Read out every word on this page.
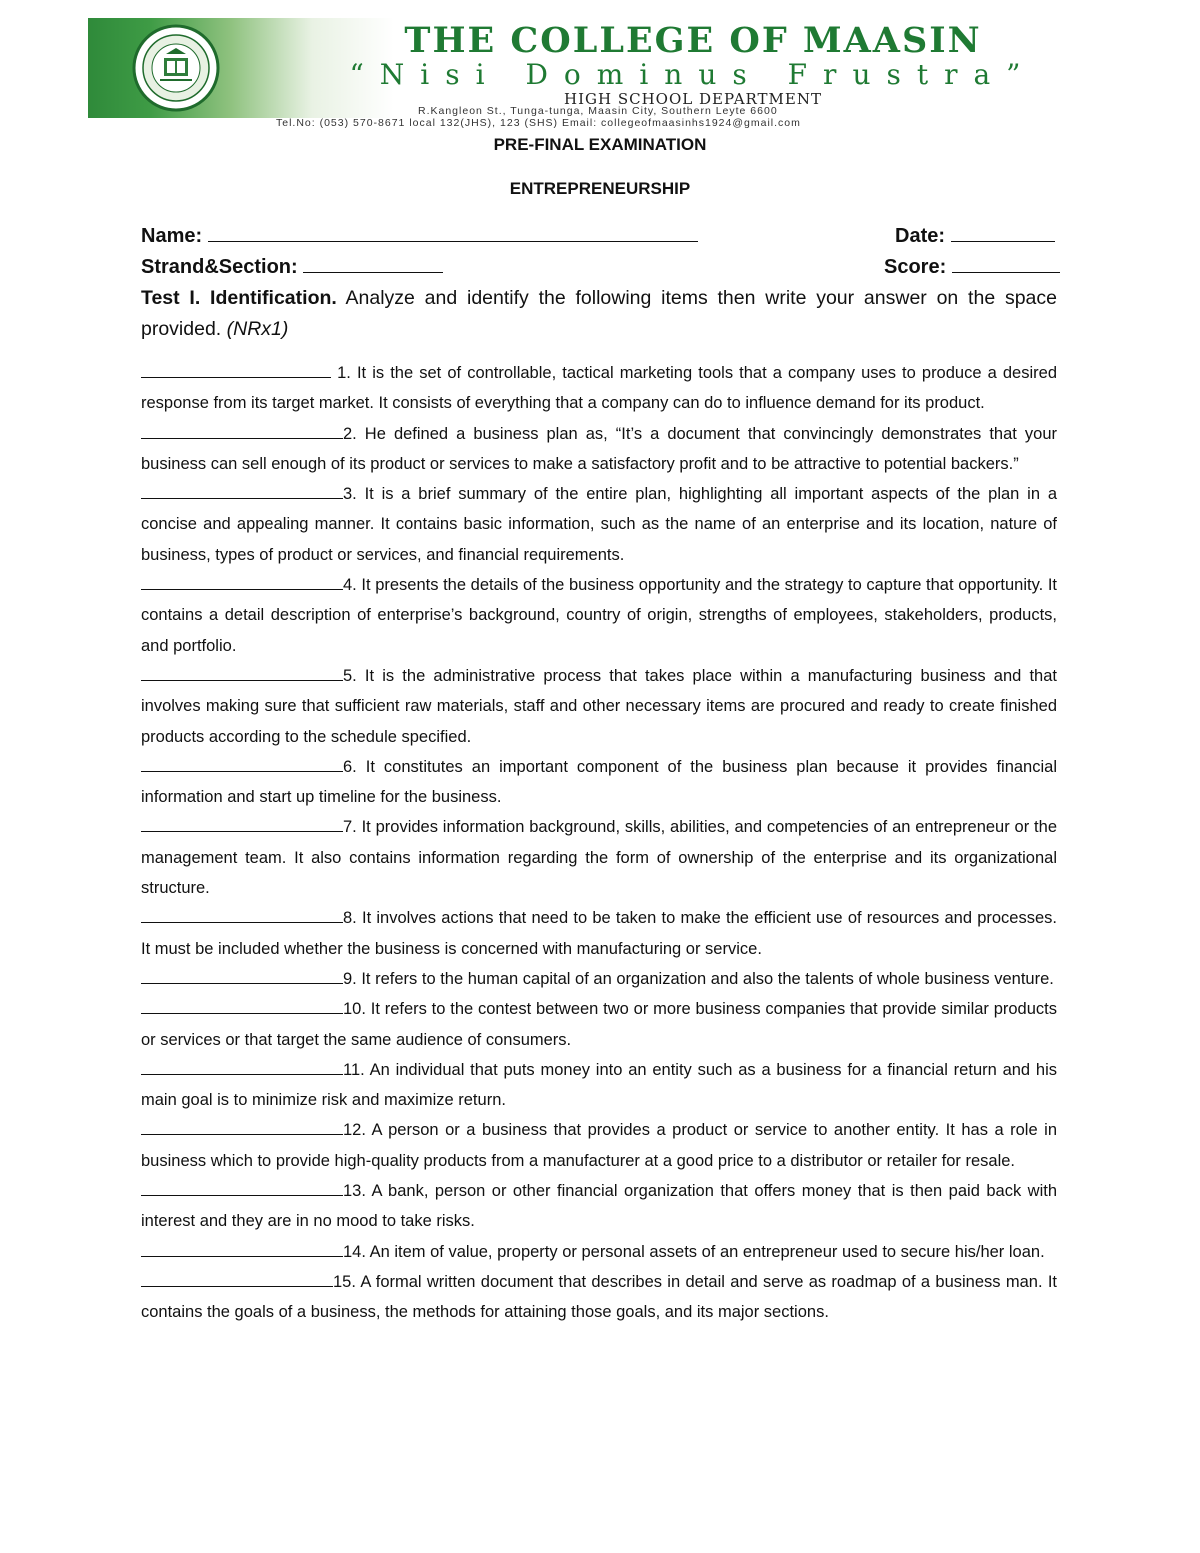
THE COLLEGE OF MAASIN
“Nisi Dominus Frustra”
HIGH SCHOOL DEPARTMENT
R.Kangleon St., Tunga-tunga, Maasin City, Southern Leyte 6600
Tel.No: (053) 570-8671 local 132(JHS), 123 (SHS) Email: collegeofmaasinhs1924@gmail.com
PRE-FINAL EXAMINATION
ENTREPRENEURSHIP
Name:	Date:
Strand&Section:	Score:
Test I. Identification. Analyze and identify the following items then write your answer on the space provided. (NRx1)

1. It is the set of controllable, tactical marketing tools that a company uses to produce a desired response from its target market. It consists of everything that a company can do to influence demand for its product.

2. He defined a business plan as, “It’s a document that convincingly demonstrates that your business can sell enough of its product or services to make a satisfactory profit and to be attractive to potential backers.”

3. It is a brief summary of the entire plan, highlighting all important aspects of the plan in a concise and appealing manner. It contains basic information, such as the name of an enterprise and its location, nature of business, types of product or services, and financial requirements.

4. It presents the details of the business opportunity and the strategy to capture that opportunity. It contains a detail description of enterprise’s background, country of origin, strengths of employees, stakeholders, products, and portfolio.

5. It is the administrative process that takes place within a manufacturing business and that involves making sure that sufficient raw materials, staff and other necessary items are procured and ready to create finished products according to the schedule specified.

6. It constitutes an important component of the business plan because it provides financial information and start up timeline for the business.

7. It provides information background, skills, abilities, and competencies of an entrepreneur or the management team. It also contains information regarding the form of ownership of the enterprise and its organizational structure.

8. It involves actions that need to be taken to make the efficient use of resources and processes. It must be included whether the business is concerned with manufacturing or service.

9. It refers to the human capital of an organization and also the talents of whole business venture.

10. It refers to the contest between two or more business companies that provide similar products or services or that target the same audience of consumers.

11. An individual that puts money into an entity such as a business for a financial return and his main goal is to minimize risk and maximize return.

12. A person or a business that provides a product or service to another entity. It has a role in business which to provide high-quality products from a manufacturer at a good price to a distributor or retailer for resale.

13. A bank, person or other financial organization that offers money that is then paid back with interest and they are in no mood to take risks.

14. An item of value, property or personal assets of an entrepreneur used to secure his/her loan.

15. A formal written document that describes in detail and serve as roadmap of a business man. It contains the goals of a business, the methods for attaining those goals, and its major sections.
